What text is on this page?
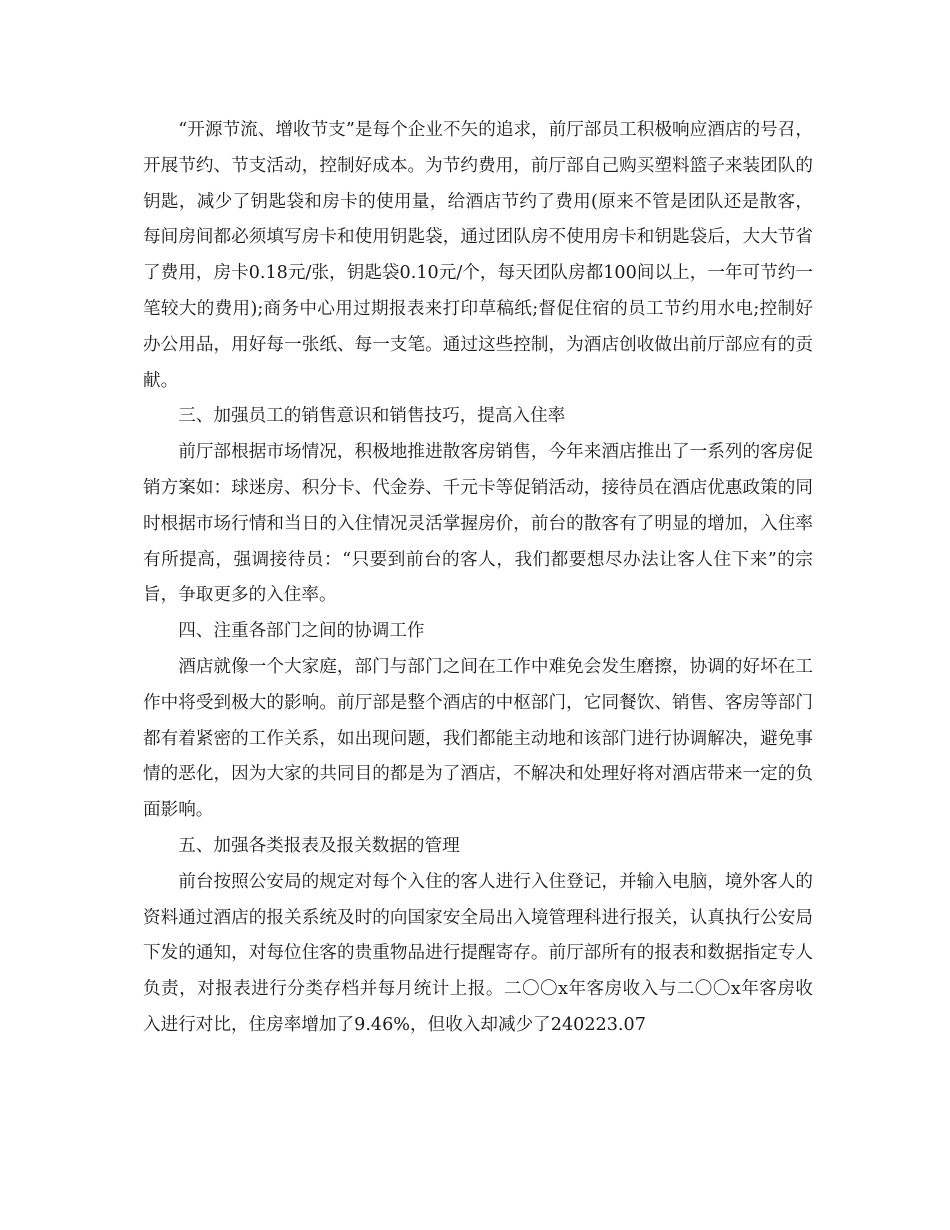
“开源节流、增收节支”是每个企业不矢的追求，前厅部员工积极响应酒店的号召，开展节约、节支活动，控制好成本。为节约费用，前厅部自己购买塑料篮子来装团队的钥匙，减少了钥匙袋和房卡的使用量，给酒店节约了费用(原来不管是团队还是散客，每间房间都必须填写房卡和使用钥匙袋，通过团队房不使用房卡和钥匙袋后，大大节省了费用，房卡0.18元/张，钥匙袋0.10元/个，每天团队房都100间以上，一年可节约一笔较大的费用);商务中心用过期报表来打印草稿纸;督促住宿的员工节约用水电;控制好办公用品，用好每一张纸、每一支笔。通过这些控制，为酒店创收做出前厅部应有的贡献。

三、加强员工的销售意识和销售技巧，提高入住率

前厅部根据市场情况，积极地推进散客房销售，今年来酒店推出了一系列的客房促销方案如：球迷房、积分卡、代金券、千元卡等促销活动，接待员在酒店优惠政策的同时根据市场行情和当日的入住情况灵活掌握房价，前台的散客有了明显的增加，入住率有所提高，强调接待员：“只要到前台的客人，我们都要想尽办法让客人住下来”的宗旨，争取更多的入住率。

四、注重各部门之间的协调工作

酒店就像一个大家庭，部门与部门之间在工作中难免会发生磨擦，协调的好坏在工作中将受到极大的影响。前厅部是整个酒店的中枢部门，它同餐饮、销售、客房等部门都有着紧密的工作关系，如出现问题，我们都能主动地和该部门进行协调解决，避免事情的恶化，因为大家的共同目的都是为了酒店，不解决和处理好将对酒店带来一定的负面影响。

五、加强各类报表及报关数据的管理

前台按照公安局的规定对每个入住的客人进行入住登记，并输入电脑，境外客人的资料通过酒店的报关系统及时的向国家安全局出入境管理科进行报关，认真执行公安局下发的通知，对每位住客的贵重物品进行提醒寄存。前厅部所有的报表和数据指定专人负责，对报表进行分类存档并每月统计上报。二〇〇x年客房收入与二〇〇x年客房收入进行对比，住房率增加了9.46%，但收入却减少了240223.07
